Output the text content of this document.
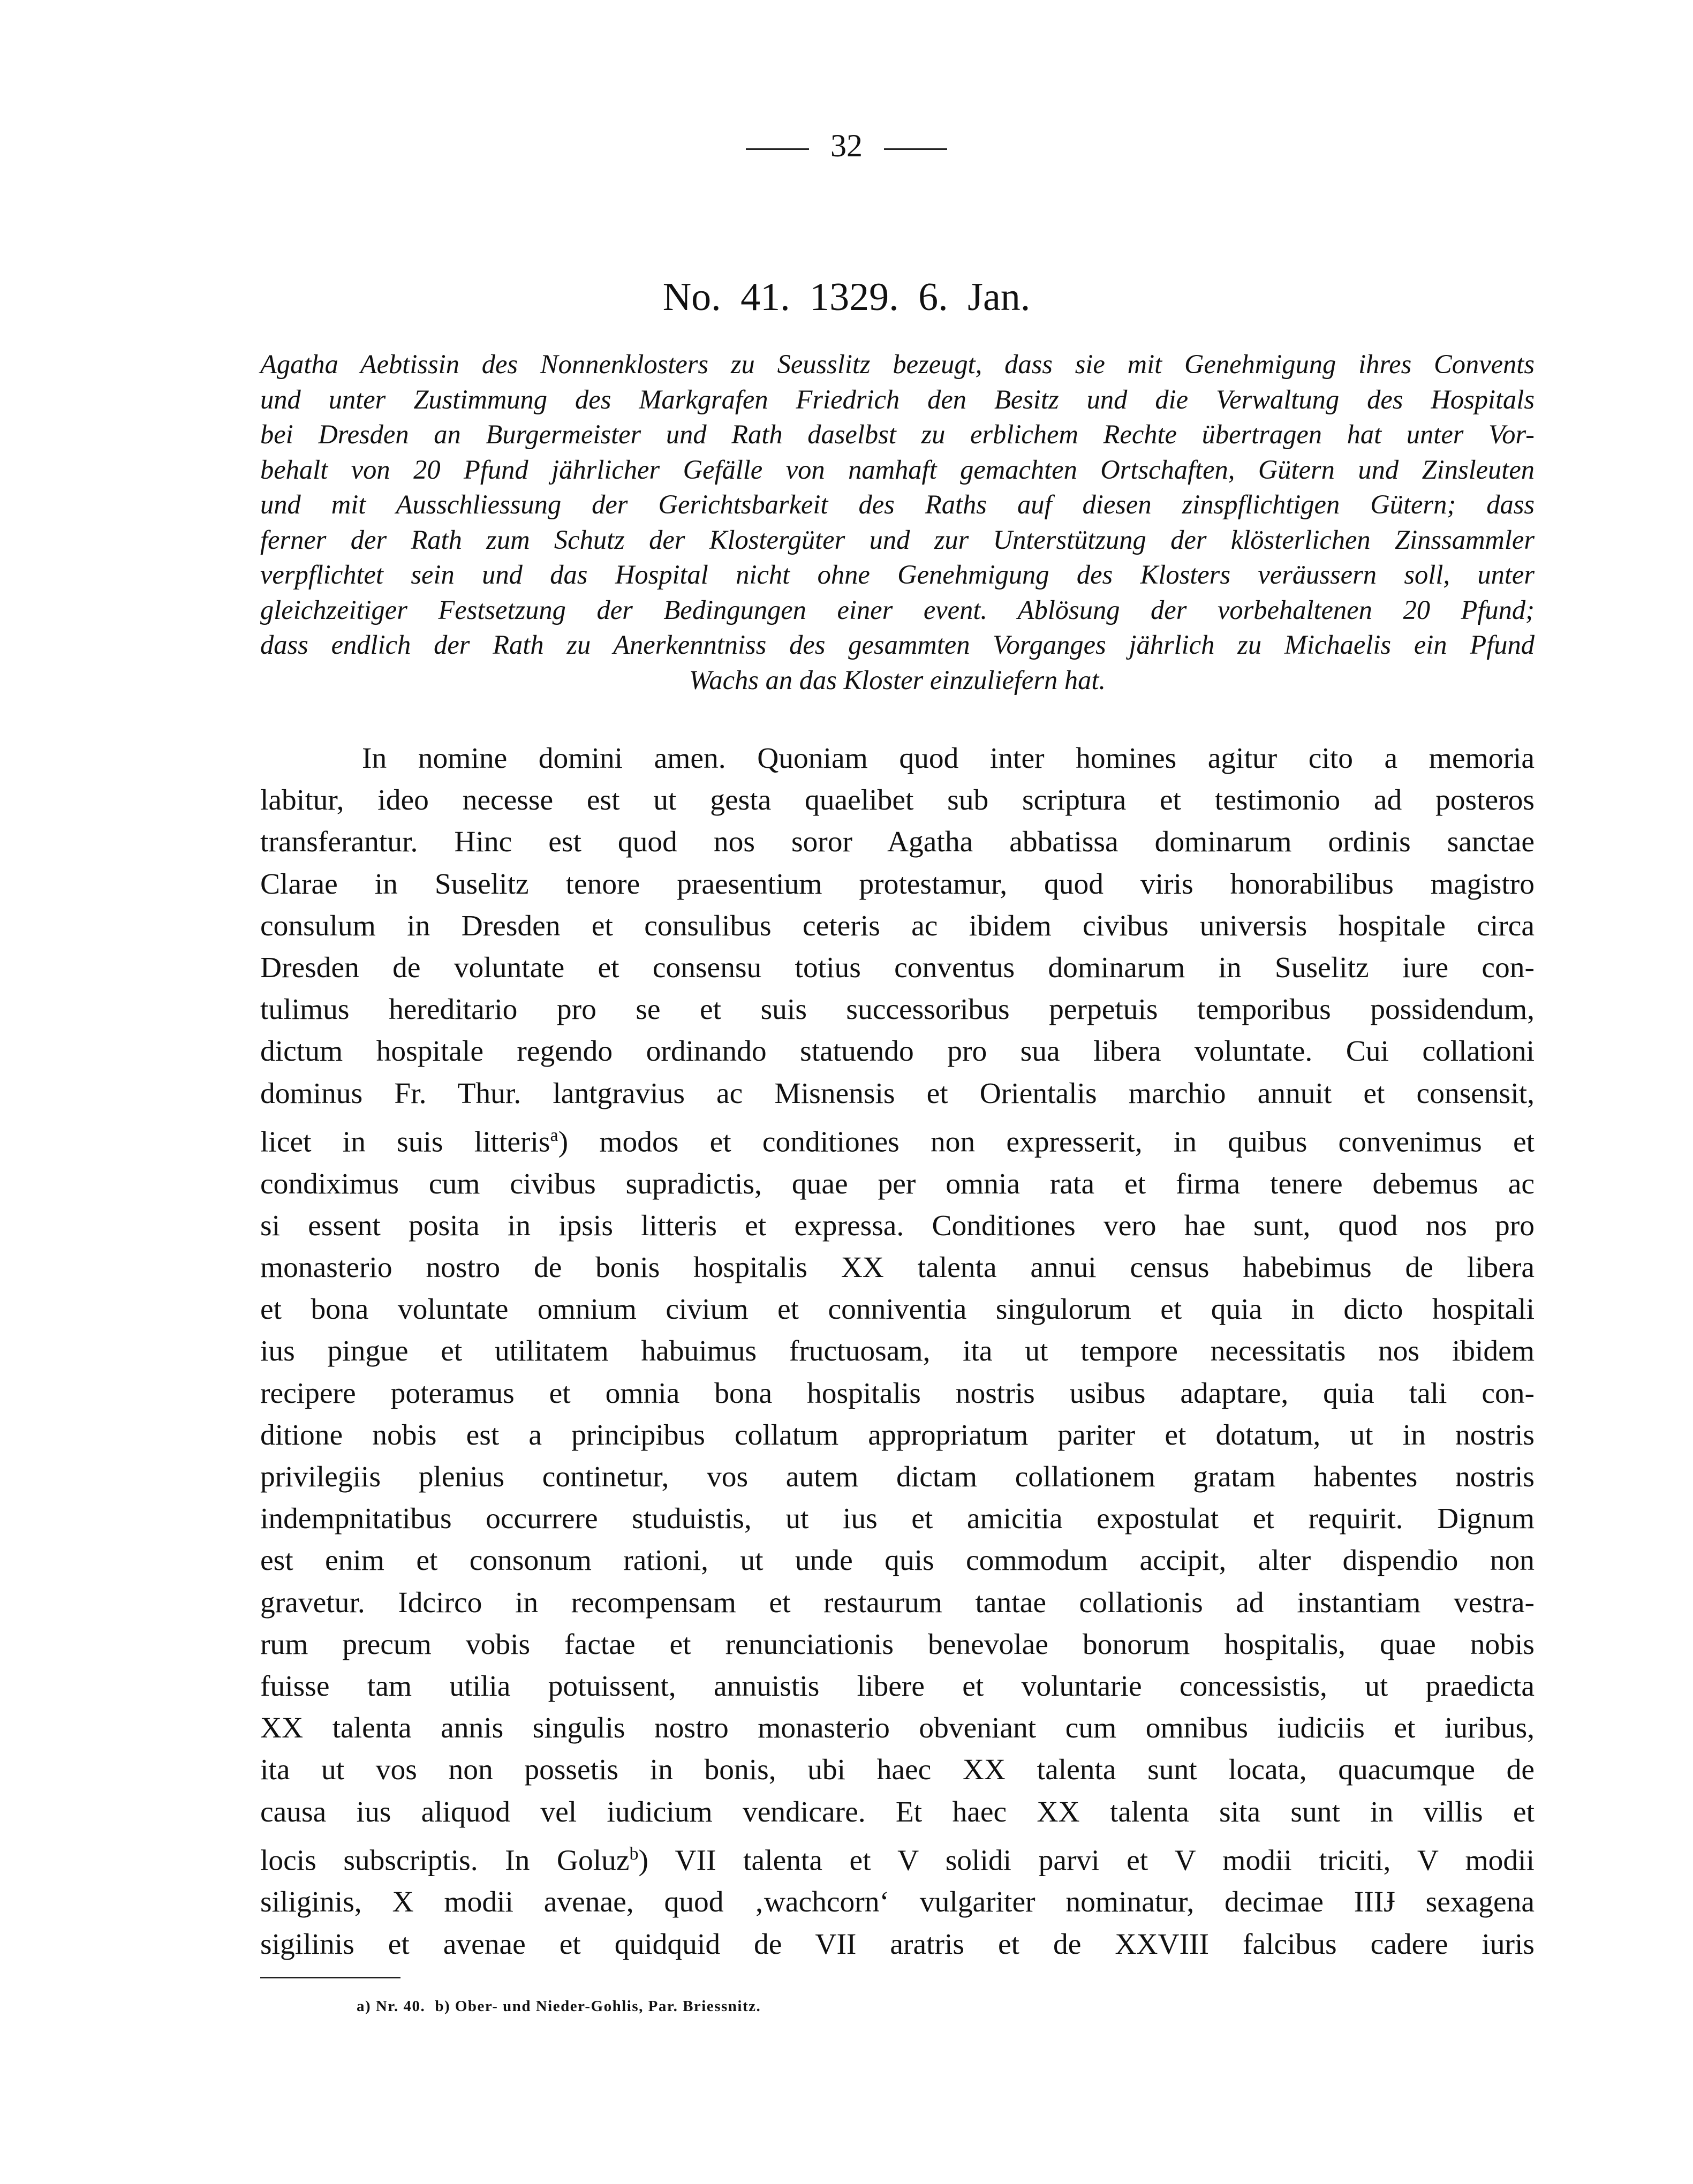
32
No. 41. 1329. 6. Jan.
Agatha Aebtissin des Nonnenklosters zu Seusslitz bezeugt, dass sie mit Genehmigung ihres Convents
und unter Zustimmung des Markgrafen Friedrich den Besitz und die Verwaltung des Hospitals
bei Dresden an Burgermeister und Rath daselbst zu erblichem Rechte übertragen hat unter Vor-
behalt von 20 Pfund jährlicher Gefälle von namhaft gemachten Ortschaften, Gütern und Zinsleuten
und mit Ausschliessung der Gerichtsbarkeit des Raths auf diesen zinspflichtigen Gütern; dass
ferner der Rath zum Schutz der Klostergüter und zur Unterstützung der klösterlichen Zinssammler
verpflichtet sein und das Hospital nicht ohne Genehmigung des Klosters veräussern soll, unter
gleichzeitiger Festsetzung der Bedingungen einer event. Ablösung der vorbehaltenen 20 Pfund;
dass endlich der Rath zu Anerkenntniss des gesammten Vorganges jährlich zu Michaelis ein Pfund
Wachs an das Kloster einzuliefern hat.
In nomine domini amen. Quoniam quod inter homines agitur cito a memoria
labitur, ideo necesse est ut gesta quaelibet sub scriptura et testimonio ad posteros
transferantur. Hinc est quod nos soror Agatha abbatissa dominarum ordinis sanctae
Clarae in Suselitz tenore praesentium protestamur, quod viris honorabilibus magistro
consulum in Dresden et consulibus ceteris ac ibidem civibus universis hospitale circa
Dresden de voluntate et consensu totius conventus dominarum in Suselitz iure con-
tulimus hereditario pro se et suis successoribus perpetuis temporibus possidendum,
dictum hospitale regendo ordinando statuendo pro sua libera voluntate. Cui collationi
dominus Fr. Thur. lantgravius ac Misnensis et Orientalis marchio annuit et consensit,
licet in suis litteris$^a$) modos et conditiones non expresserit, in quibus convenimus et
condiximus cum civibus supradictis, quae per omnia rata et firma tenere debemus ac
si essent posita in ipsis litteris et expressa. Conditiones vero hae sunt, quod nos pro
monasterio nostro de bonis hospitalis XX talenta annui census habebimus de libera
et bona voluntate omnium civium et conniventia singulorum et quia in dicto hospitali
ius pingue et utilitatem habuimus fructuosam, ita ut tempore necessitatis nos ibidem
recipere poteramus et omnia bona hospitalis nostris usibus adaptare, quia tali con-
ditione nobis est a principibus collatum appropriatum pariter et dotatum, ut in nostris
privilegiis plenius continetur, vos autem dictam collationem gratam habentes nostris
indempnitatibus occurrere studuistis, ut ius et amicitia expostulat et requirit. Dignum
est enim et consonum rationi, ut unde quis commodum accipit, alter dispendio non
gravetur. Idcirco in recompensam et restaurum tantae collationis ad instantiam vestra-
rum precum vobis factae et renunciationis benevolae bonorum hospitalis, quae nobis
fuisse tam utilia potuissent, annuistis libere et voluntarie concessistis, ut praedicta
XX talenta annis singulis nostro monasterio obveniant cum omnibus iudiciis et iuribus,
ita ut vos non possetis in bonis, ubi haec XX talenta sunt locata, quacumque de
causa ius aliquod vel iudicium vendicare. Et haec XX talenta sita sunt in villis et
locis subscriptis. In Goluz$^b$) VII talenta et V solidi parvi et V modii triciti, V modii
siliginis, X modii avenae, quod ‚wachcorn‘ vulgariter nominatur, decimae IIIɈ sexagena
sigilinis et avenae et quidquid de VII aratris et de XXVIII falcibus cadere iuris
a) Nr. 40. b) Ober- und Nieder-Gohlis, Par. Briessnitz.
